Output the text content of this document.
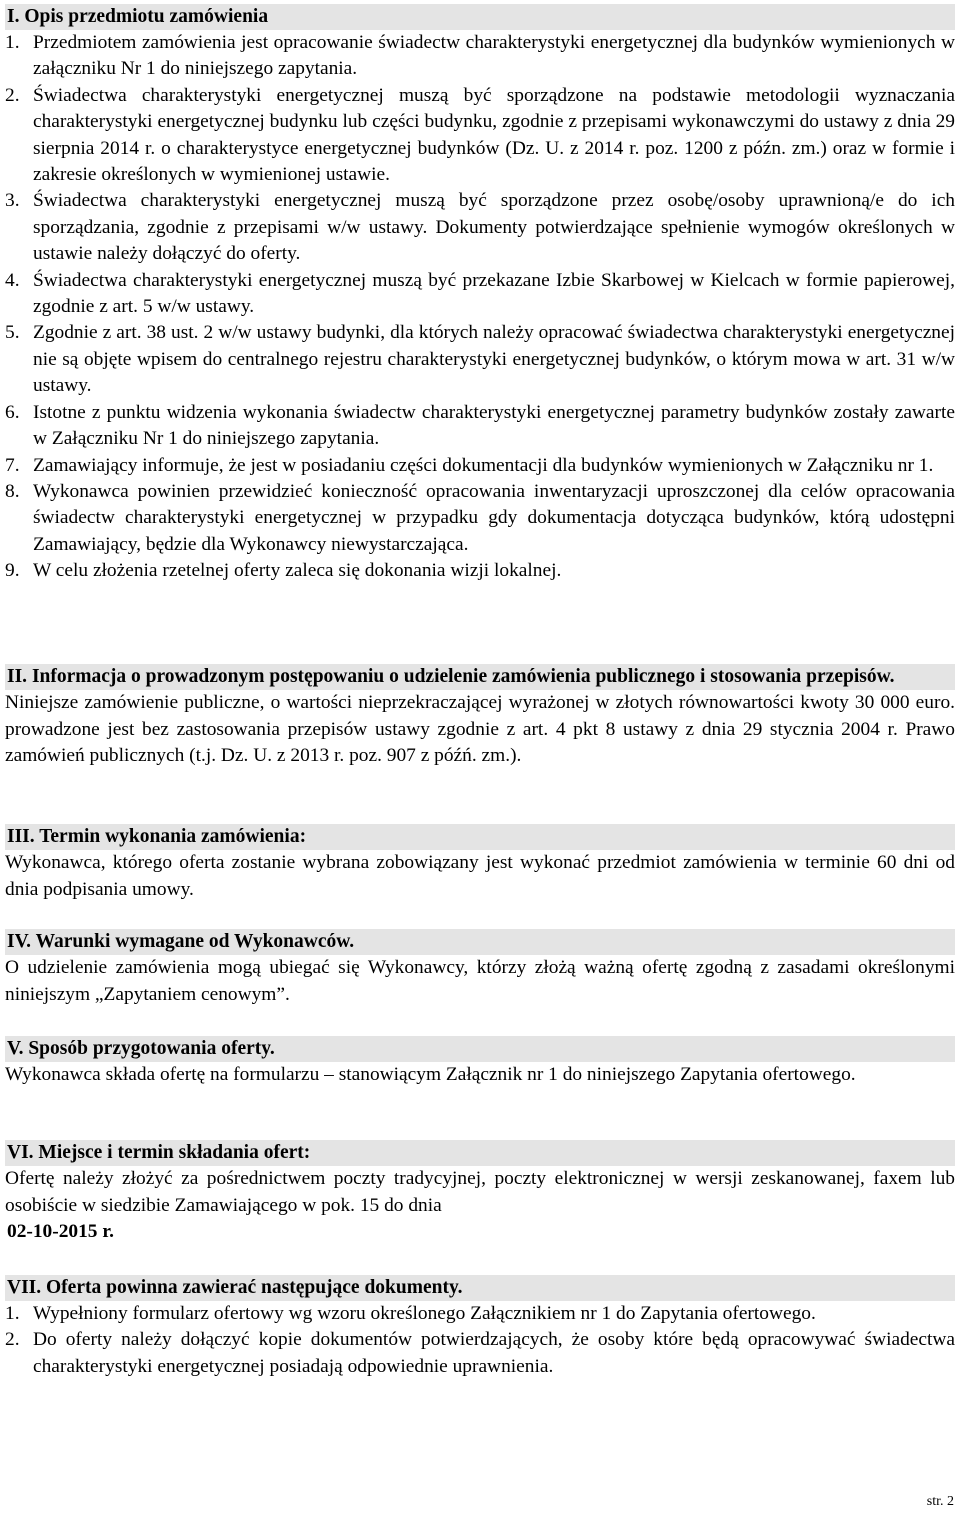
I. Opis przedmiotu zamówienia
1. Przedmiotem zamówienia jest opracowanie świadectw charakterystyki energetycznej dla budynków wymienionych w załączniku Nr 1 do niniejszego zapytania.
2. Świadectwa charakterystyki energetycznej muszą być sporządzone na podstawie metodologii wyznaczania charakterystyki energetycznej budynku lub części budynku, zgodnie z przepisami wykonawczymi do ustawy z dnia 29 sierpnia 2014 r. o charakterystyce energetycznej budynków (Dz. U. z 2014 r. poz. 1200 z późn. zm.) oraz w formie i zakresie określonych w wymienionej ustawie.
3. Świadectwa charakterystyki energetycznej muszą być sporządzone przez osobę/osoby uprawnioną/e do ich sporządzania, zgodnie z przepisami w/w ustawy. Dokumenty potwierdzające spełnienie wymogów określonych w ustawie należy dołączyć do oferty.
4. Świadectwa charakterystyki energetycznej muszą być przekazane Izbie Skarbowej w Kielcach w formie papierowej, zgodnie z art. 5 w/w ustawy.
5. Zgodnie z art. 38 ust. 2 w/w ustawy budynki, dla których należy opracować świadectwa charakterystyki energetycznej nie są objęte wpisem do centralnego rejestru charakterystyki energetycznej budynków, o którym mowa w art. 31 w/w ustawy.
6. Istotne z punktu widzenia wykonania świadectw charakterystyki energetycznej parametry budynków zostały zawarte w Załączniku Nr 1 do niniejszego zapytania.
7. Zamawiający informuje, że jest w posiadaniu części dokumentacji dla budynków wymienionych w Załączniku nr 1.
8. Wykonawca powinien przewidzieć konieczność opracowania inwentaryzacji uproszczonej dla celów opracowania świadectw charakterystyki energetycznej w przypadku gdy dokumentacja dotycząca budynków, którą udostępni Zamawiający, będzie dla Wykonawcy niewystarczająca.
9. W celu złożenia rzetelnej oferty zaleca się dokonania wizji lokalnej.
II. Informacja o prowadzonym postępowaniu o udzielenie zamówienia publicznego i stosowania przepisów.

Niniejsze zamówienie publiczne, o wartości nieprzekraczającej wyrażonej w złotych równowartości kwoty 30 000 euro. prowadzone jest bez zastosowania przepisów ustawy zgodnie z art. 4 pkt 8 ustawy z dnia 29 stycznia 2004 r. Prawo zamówień publicznych (t.j. Dz. U. z 2013 r. poz. 907 z późń. zm.).

III. Termin wykonania zamówienia:

Wykonawca, którego oferta zostanie wybrana zobowiązany jest wykonać przedmiot zamówienia w terminie 60 dni od dnia podpisania umowy.

IV. Warunki wymagane od Wykonawców.

O udzielenie zamówienia mogą ubiegać się Wykonawcy, którzy złożą ważną ofertę zgodną z zasadami określonymi niniejszym „Zapytaniem cenowym”.

V. Sposób przygotowania oferty.

Wykonawca składa ofertę na formularzu – stanowiącym Załącznik nr 1 do niniejszego Zapytania ofertowego.

VI. Miejsce i termin składania ofert:

Ofertę należy złożyć za pośrednictwem poczty tradycyjnej, poczty elektronicznej w wersji zeskanowanej, faxem lub osobiście w siedzibie Zamawiającego w pok. 15 do dnia

02-10-2015 r.

VII. Oferta powinna zawierać następujące dokumenty.
1. Wypełniony formularz ofertowy wg wzoru określonego Załącznikiem nr 1 do Zapytania ofertowego.
2. Do oferty należy dołączyć kopie dokumentów potwierdzających, że osoby które będą opracowywać świadectwa charakterystyki energetycznej posiadają odpowiednie uprawnienia.
str. 2
